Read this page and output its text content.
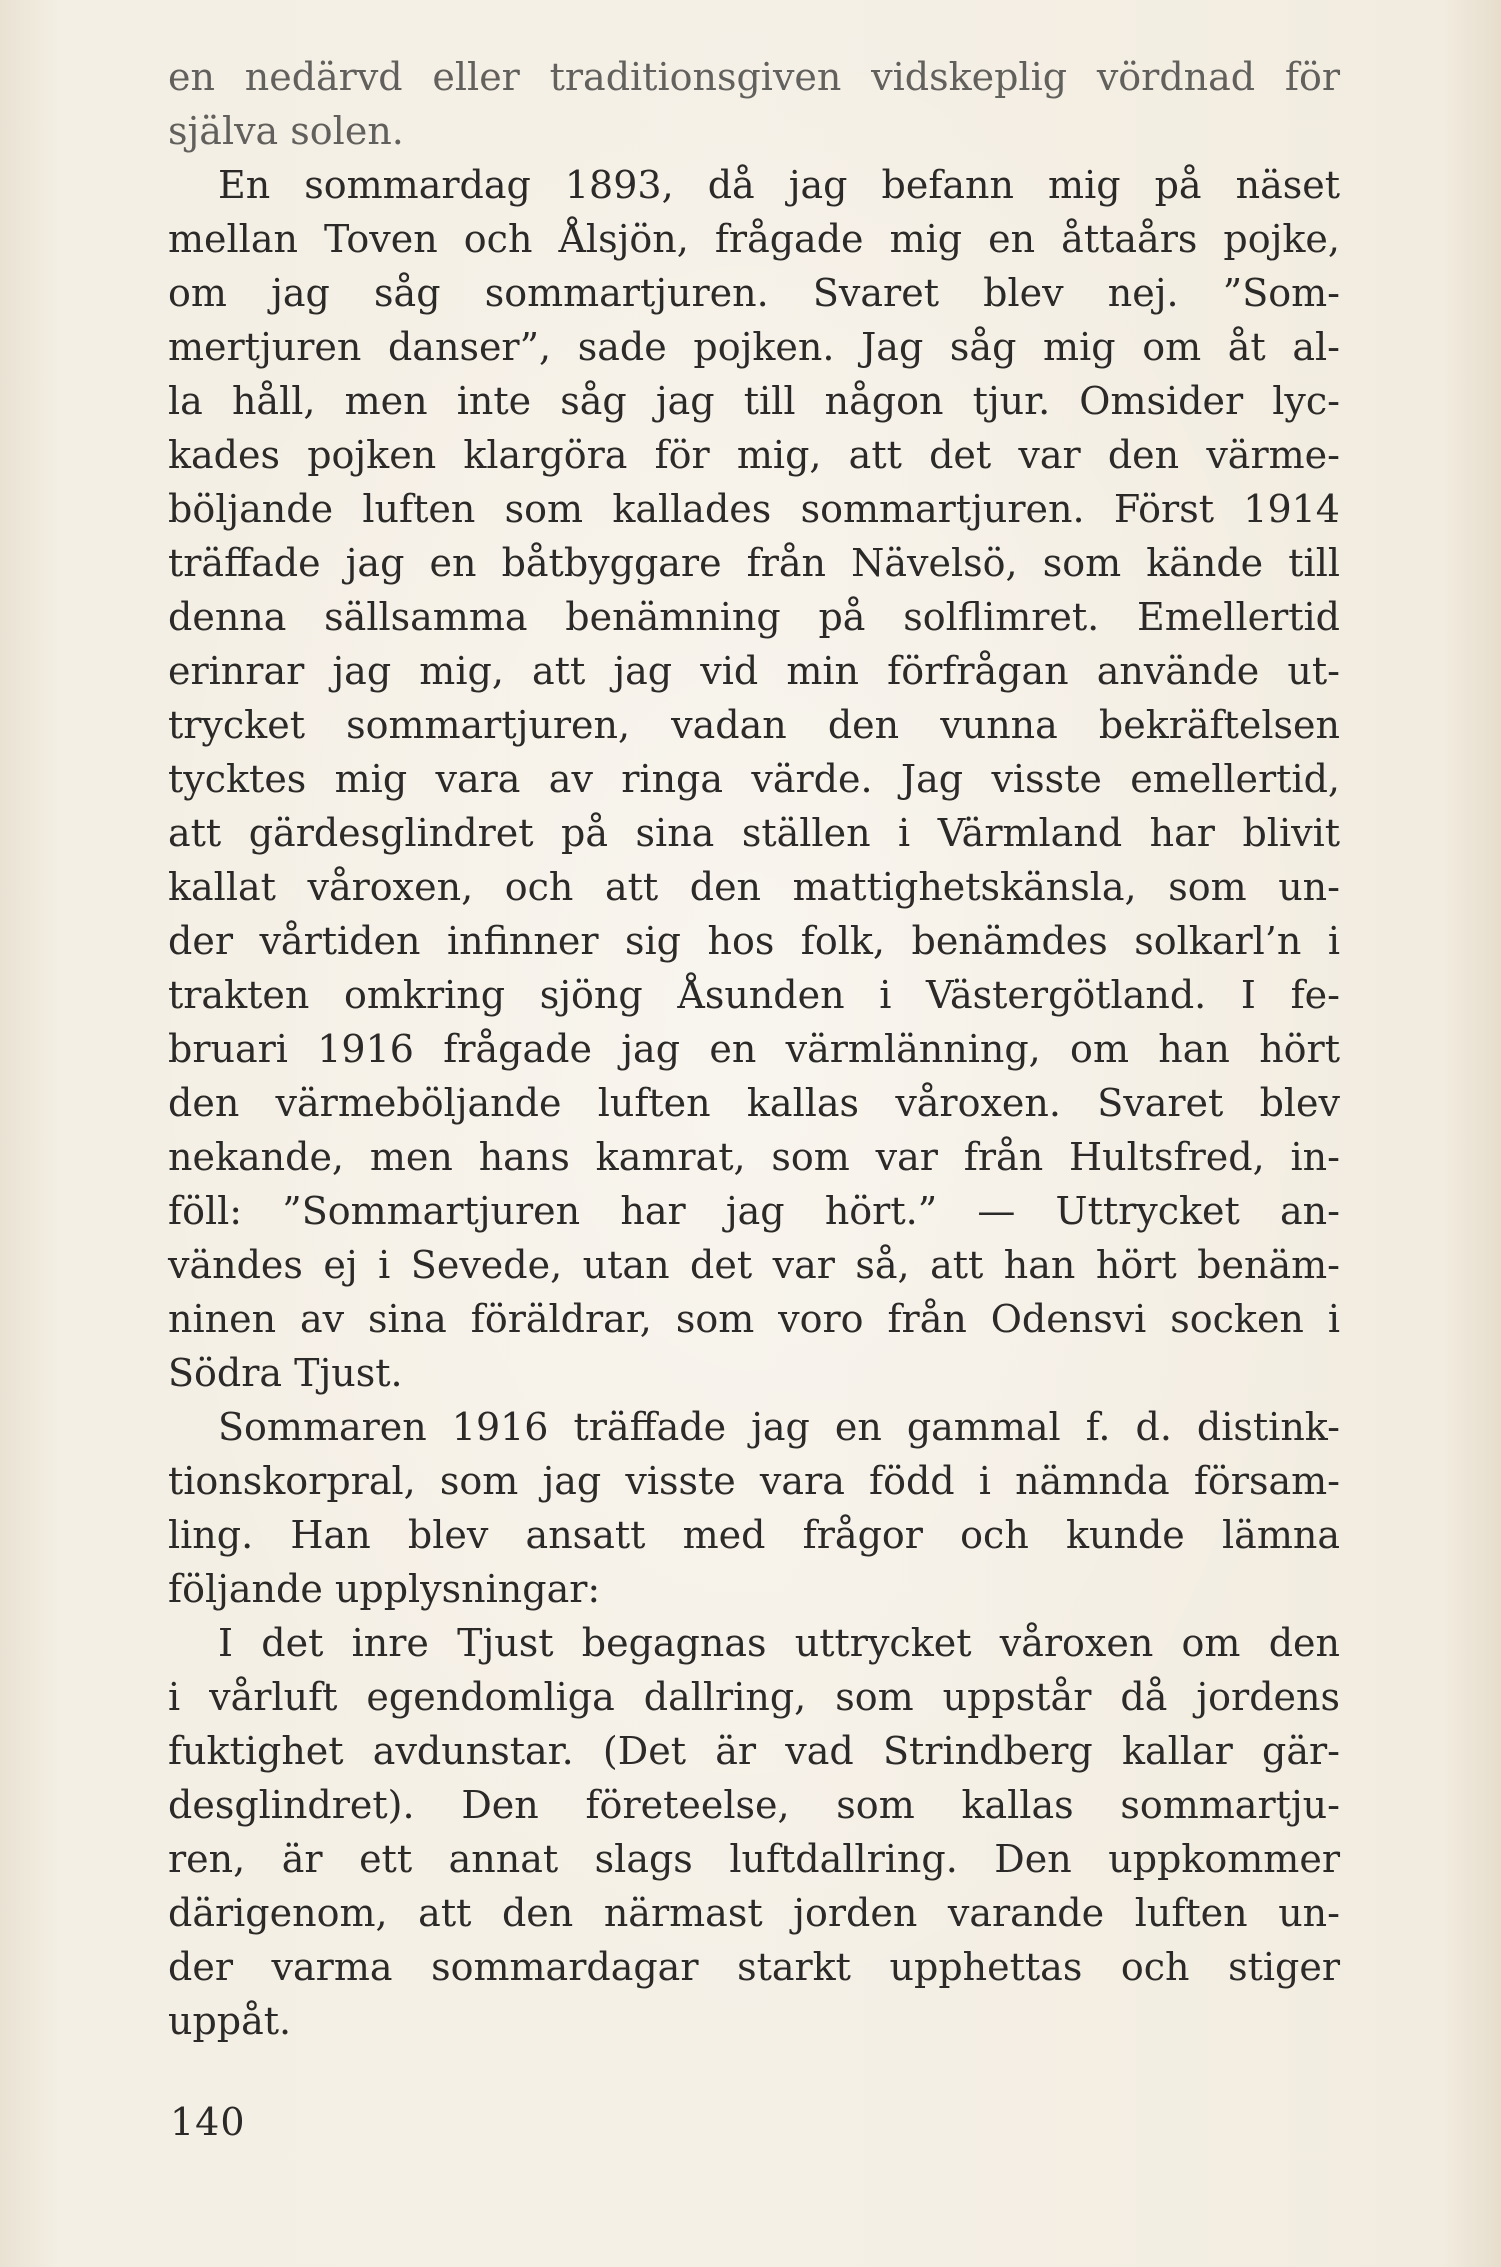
en nedärvd eller traditionsgiven vidskeplig vördnad för
själva solen.
En sommardag 1893, då jag befann mig på näset
mellan Toven och Ålsjön, frågade mig en åttaårs pojke,
om jag såg sommartjuren. Svaret blev nej. ”Som-
mertjuren danser”, sade pojken. Jag såg mig om åt al-
la håll, men inte såg jag till någon tjur. Omsider lyc-
kades pojken klargöra för mig, att det var den värme-
böljande luften som kallades sommartjuren. Först 1914
träffade jag en båtbyggare från Nävelsö, som kände till
denna sällsamma benämning på solflimret. Emellertid
erinrar jag mig, att jag vid min förfrågan använde ut-
trycket sommartjuren, vadan den vunna bekräftelsen
tycktes mig vara av ringa värde. Jag visste emellertid,
att gärdesglindret på sina ställen i Värmland har blivit
kallat våroxen, och att den mattighetskänsla, som un-
der vårtiden infinner sig hos folk, benämdes solkarl’n i
trakten omkring sjöng Åsunden i Västergötland. I fe-
bruari 1916 frågade jag en värmlänning, om han hört
den värmeböljande luften kallas våroxen. Svaret blev
nekande, men hans kamrat, som var från Hultsfred, in-
föll: ”Sommartjuren har jag hört.” — Uttrycket an-
vändes ej i Sevede, utan det var så, att han hört benäm-
ninen av sina föräldrar, som voro från Odensvi socken i
Södra Tjust.
Sommaren 1916 träffade jag en gammal f. d. distink-
tionskorpral, som jag visste vara född i nämnda försam-
ling. Han blev ansatt med frågor och kunde lämna
följande upplysningar:
I det inre Tjust begagnas uttrycket våroxen om den
i vårluft egendomliga dallring, som uppstår då jordens
fuktighet avdunstar. (Det är vad Strindberg kallar gär-
desglindret). Den företeelse, som kallas sommartju-
ren, är ett annat slags luftdallring. Den uppkommer
därigenom, att den närmast jorden varande luften un-
der varma sommardagar starkt upphettas och stiger
uppåt.
140
